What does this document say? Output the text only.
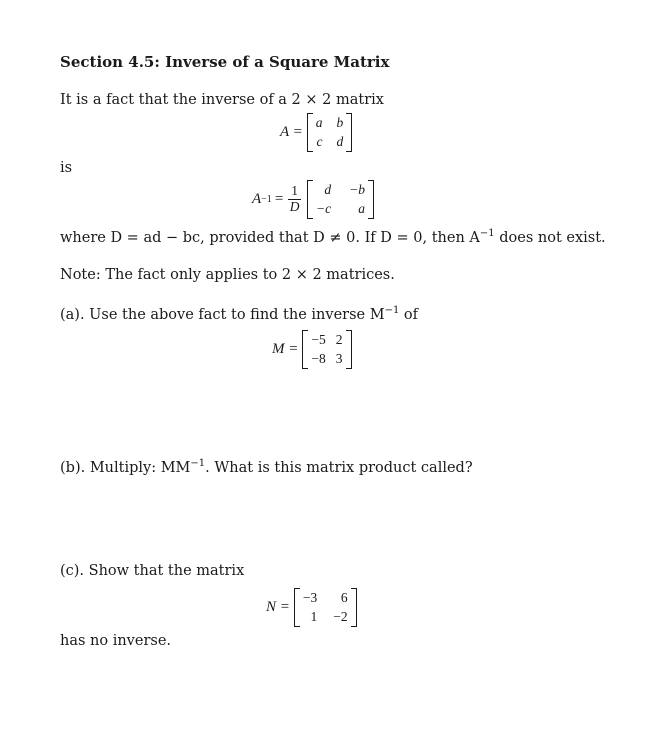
Section 4.5: Inverse of a Square Matrix
It is a fact that the inverse of a 2 × 2 matrix
A =
a b
c d
is
$A -1 = \frac{1}{D}$	d −b
−c	a
where D = ad − bc, provided that D ≠ 0. If D = 0, then $A^{-1}$ does not exist.
Note: The fact only applies to 2 × 2 matrices.
(a). Use the above fact to find the inverse $M^{-1}$ of
M =
−5 2
−8 3
(b). Multiply: $MM^{-1}$. What is this matrix product called?
(c). Show that the matrix
N =
−3	6
1 −2
has no inverse.
